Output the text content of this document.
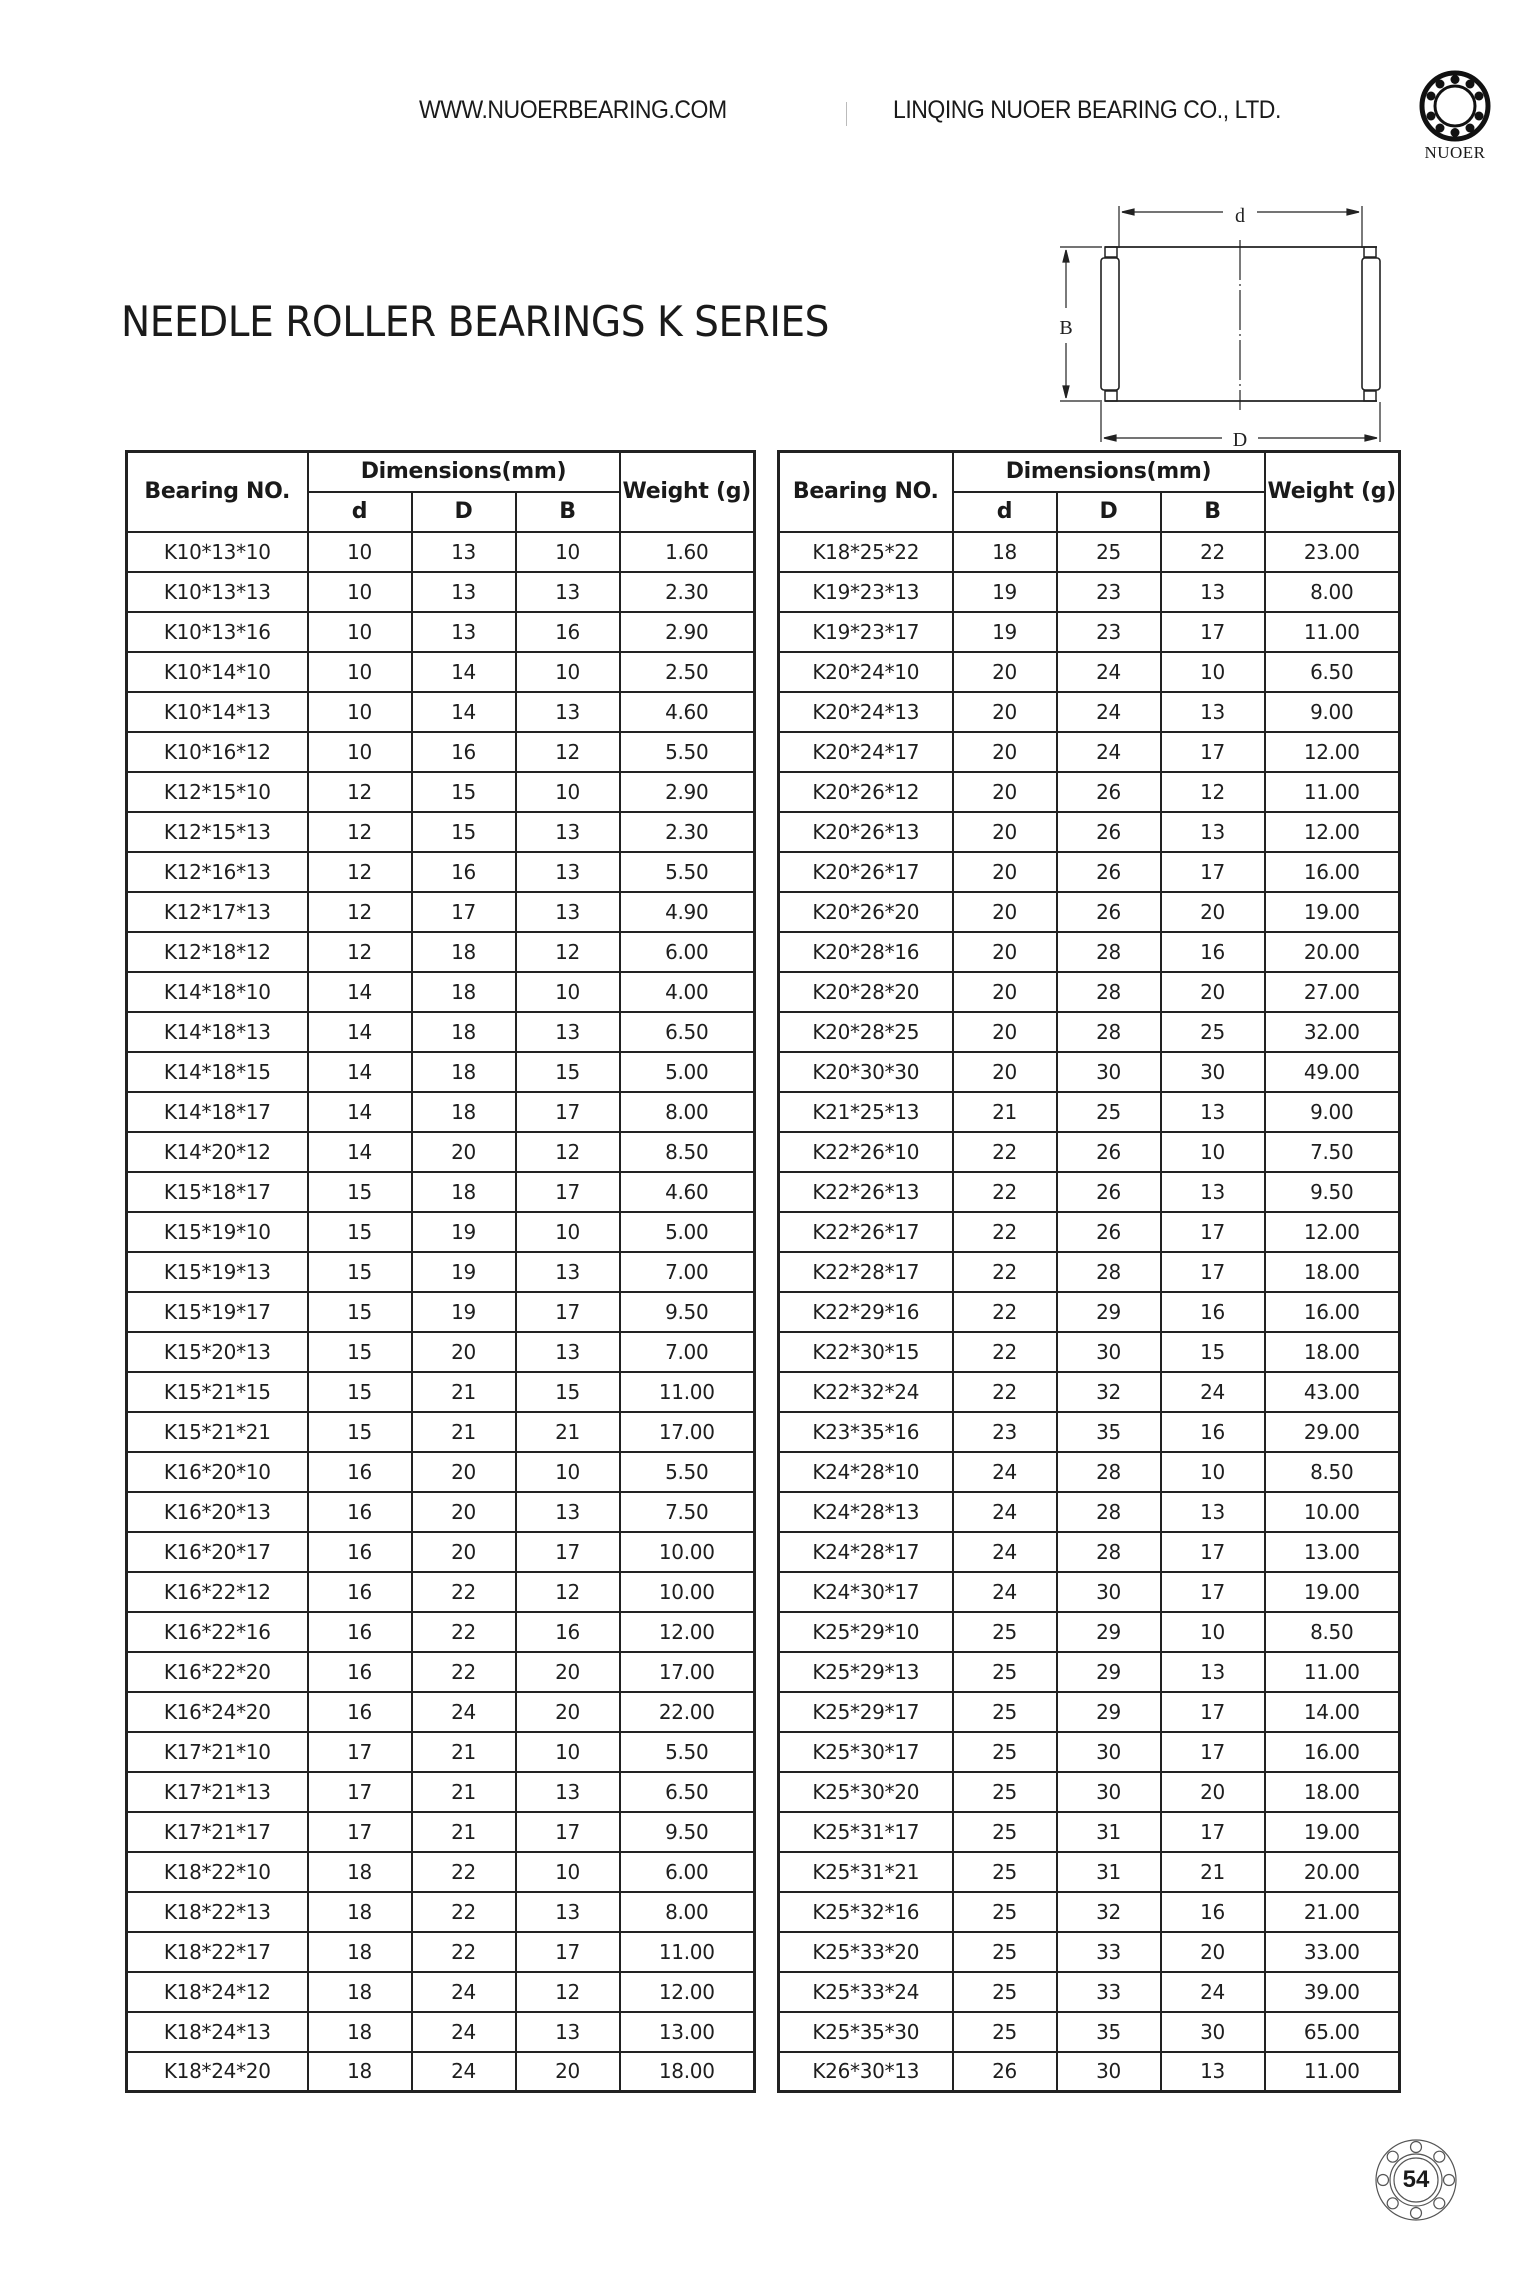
WWW.NUOERBEARING.COM	LINQING NUOER BEARING CO., LTD.
NUOER
NEEDLE ROLLER BEARINGS K SERIES
d
B
D
Bearing NO.	Dimensions(mm)			Weight (g)
	d	D	B	
K10*13*10	10	13	10	1.60
K10*13*13	10	13	13	2.30
K10*13*16	10	13	16	2.90
K10*14*10	10	14	10	2.50
K10*14*13	10	14	13	4.60
K10*16*12	10	16	12	5.50
K12*15*10	12	15	10	2.90
K12*15*13	12	15	13	2.30
K12*16*13	12	16	13	5.50
K12*17*13	12	17	13	4.90
K12*18*12	12	18	12	6.00
K14*18*10	14	18	10	4.00
K14*18*13	14	18	13	6.50
K14*18*15	14	18	15	5.00
K14*18*17	14	18	17	8.00
K14*20*12	14	20	12	8.50
K15*18*17	15	18	17	4.60
K15*19*10	15	19	10	5.00
K15*19*13	15	19	13	7.00
K15*19*17	15	19	17	9.50
K15*20*13	15	20	13	7.00
K15*21*15	15	21	15	11.00
K15*21*21	15	21	21	17.00
K16*20*10	16	20	10	5.50
K16*20*13	16	20	13	7.50
K16*20*17	16	20	17	10.00
K16*22*12	16	22	12	10.00
K16*22*16	16	22	16	12.00
K16*22*20	16	22	20	17.00
K16*24*20	16	24	20	22.00
K17*21*10	17	21	10	5.50
K17*21*13	17	21	13	6.50
K17*21*17	17	21	17	9.50
K18*22*10	18	22	10	6.00
K18*22*13	18	22	13	8.00
K18*22*17	18	22	17	11.00
K18*24*12	18	24	12	12.00
K18*24*13	18	24	13	13.00
K18*24*20	18	24	20	18.00
Bearing NO.	Dimensions(mm)			Weight (g)
	d	D	B	
K18*25*22	18	25	22	23.00
K19*23*13	19	23	13	8.00
K19*23*17	19	23	17	11.00
K20*24*10	20	24	10	6.50
K20*24*13	20	24	13	9.00
K20*24*17	20	24	17	12.00
K20*26*12	20	26	12	11.00
K20*26*13	20	26	13	12.00
K20*26*17	20	26	17	16.00
K20*26*20	20	26	20	19.00
K20*28*16	20	28	16	20.00
K20*28*20	20	28	20	27.00
K20*28*25	20	28	25	32.00
K20*30*30	20	30	30	49.00
K21*25*13	21	25	13	9.00
K22*26*10	22	26	10	7.50
K22*26*13	22	26	13	9.50
K22*26*17	22	26	17	12.00
K22*28*17	22	28	17	18.00
K22*29*16	22	29	16	16.00
K22*30*15	22	30	15	18.00
K22*32*24	22	32	24	43.00
K23*35*16	23	35	16	29.00
K24*28*10	24	28	10	8.50
K24*28*13	24	28	13	10.00
K24*28*17	24	28	17	13.00
K24*30*17	24	30	17	19.00
K25*29*10	25	29	10	8.50
K25*29*13	25	29	13	11.00
K25*29*17	25	29	17	14.00
K25*30*17	25	30	17	16.00
K25*30*20	25	30	20	18.00
K25*31*17	25	31	17	19.00
K25*31*21	25	31	21	20.00
K25*32*16	25	32	16	21.00
K25*33*20	25	33	20	33.00
K25*33*24	25	33	24	39.00
K25*35*30	25	35	30	65.00
K26*30*13	26	30	13	11.00
54
